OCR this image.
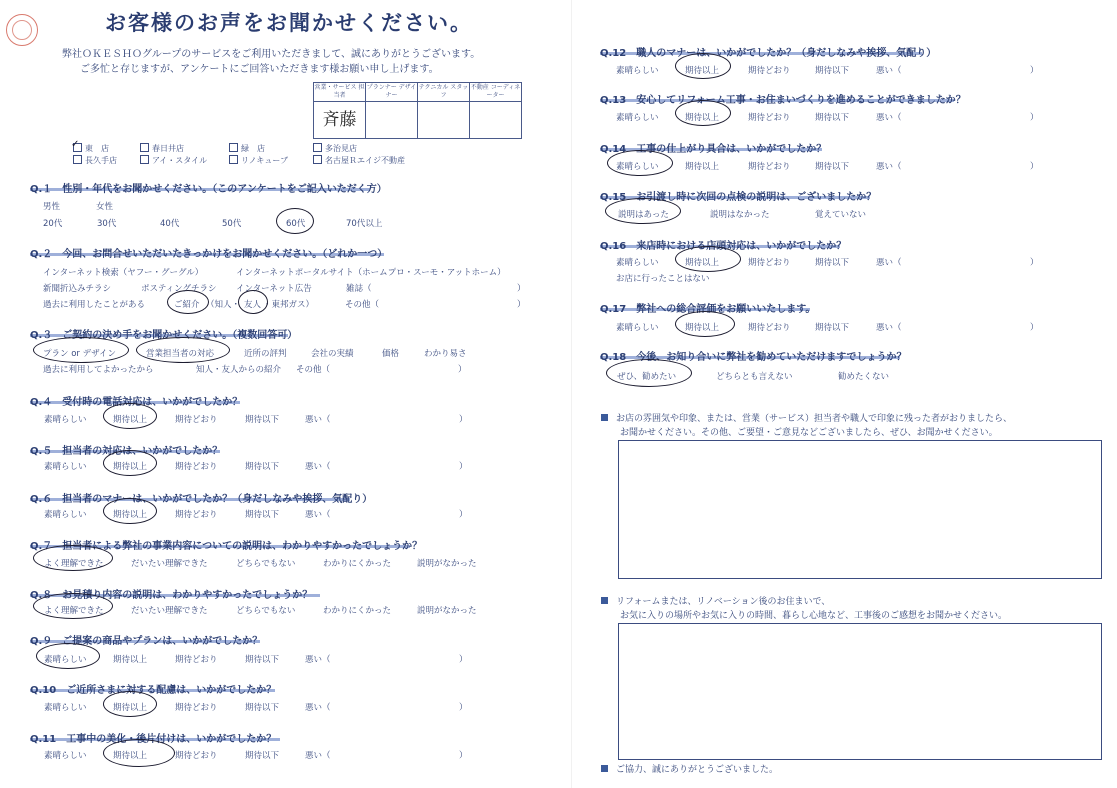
お客様のお声をお聞かせください。
弊社ＯＫＥＳＨＯグループのサービスをご利用いただきまして、誠にありがとうございます。
ご多忙と存じますが、アンケートにご回答いただきます様お願い申し上げます。
営業・サービス 担当者	プランナー デザイナー	テクニカル スタッフ	不動産 コーディネーター
斉藤			
✓ 東　店	春日井店	緑　店	多治見店
長久手店	アイ・スタイル	リノキューブ	名古屋Ｒエイジ不動産
Q.１　性別・年代をお聞かせください。（このアンケートをご記入いただく方）
男性	女性
20代	30代	40代	50代	60代	70代以上
Q.２　今回、お問合せいただいたきっかけをお聞かせください。（どれか一つ）
インターネット検索（ヤフー・グーグル）	インターネットポータルサイト（ホームプロ・スーモ・アットホーム）
新聞折込みチラシ	ポスティングチラシ インターネット広告	雑誌（	）
過去に利用したことがある	ご紹介 （知人・ 友人 ・東邦ガス）	その他（	）
Q.３　ご契約の決め手をお聞かせください。（複数回答可）
プラン or デザイン	営業担当者の対応	近所の評判	会社の実績	価格	わかり易さ
過去に利用してよかったから	知人・友人からの紹介 その他（	）
Q.４　受付時の電話対応は、いかがでしたか？
素晴らしい	期待以上	期待どおり	期待以下	悪い（	）
Q.５　担当者の対応は、いかがでしたか？
素晴らしい	期待以上	期待どおり	期待以下	悪い（	）
Q.６　担当者のマナーは、いかがでしたか？（身だしなみや挨拶、気配り）
素晴らしい	期待以上	期待どおり	期待以下	悪い（	）
Q.７　担当者による弊社の事業内容についての説明は、わかりやすかったでしょうか？
よく理解できた	だいたい理解できた	どちらでもない	わかりにくかった	説明がなかった
Q.８　お見積り内容の説明は、わかりやすかったでしょうか？
よく理解できた	だいたい理解できた	どちらでもない	わかりにくかった	説明がなかった
Q.９　ご提案の商品やプランは、いかがでしたか？
素晴らしい	期待以上	期待どおり	期待以下	悪い（	）
Q.10　ご近所さまに対する配慮は、いかがでしたか？
素晴らしい	期待以上	期待どおり	期待以下	悪い（	）
Q.11　工事中の美化・後片付けは、いかがでしたか？
素晴らしい	期待以上	期待どおり	期待以下	悪い（	）
Q.12　職人のマナーは、いかがでしたか？（身だしなみや挨拶、気配り）
素晴らしい	期待以上	期待どおり	期待以下	悪い（	）
Q.13　安心してリフォーム工事・お住まいづくりを進めることができましたか？
素晴らしい	期待以上	期待どおり	期待以下	悪い（	）
Q.14　工事の仕上がり具合は、いかがでしたか？
素晴らしい	期待以上	期待どおり	期待以下	悪い（	）
Q.15　お引渡し時に次回の点検の説明は、ございましたか？
説明はあった	説明はなかった	覚えていない
Q.16　来店時における店頭対応は、いかがでしたか？
素晴らしい	期待以上	期待どおり	期待以下	悪い（	）
お店に行ったことはない
Q.17　弊社への総合評価をお願いいたします。
素晴らしい	期待以上	期待どおり	期待以下	悪い（	）
Q.18　今後、お知り合いに弊社を勧めていただけますでしょうか？
ぜひ、勧めたい	どちらとも言えない	勧めたくない
お店の雰囲気や印象、または、営業（サービス）担当者や職人で印象に残った者がおりましたら、
お聞かせください。その他、ご要望・ご意見などございましたら、ぜひ、お聞かせください。
リフォームまたは、リノベーション後のお住まいで、
お気に入りの場所やお気に入りの時間、暮らし心地など、工事後のご感想をお聞かせください。
ご協力、誠にありがとうございました。
